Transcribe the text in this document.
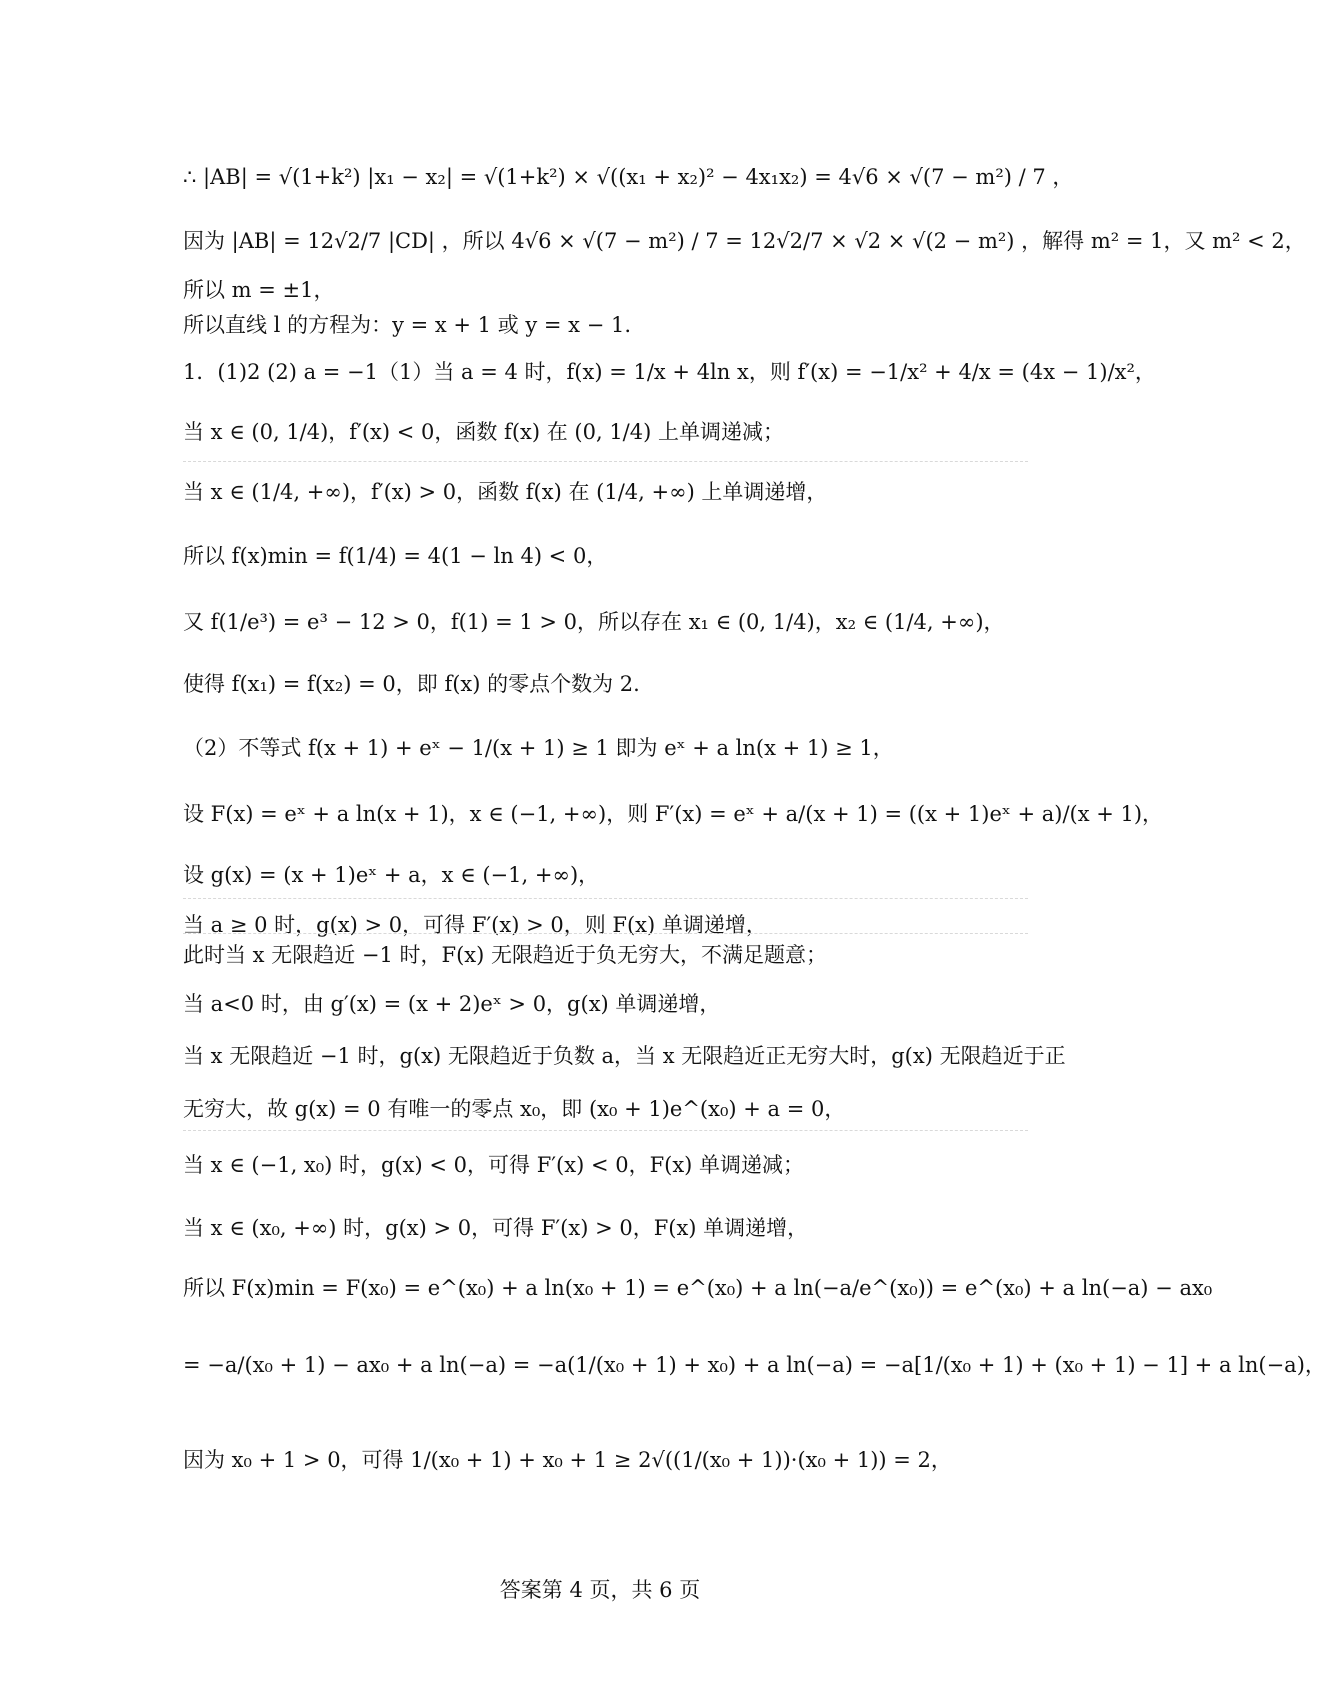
∴ |AB| = √(1+k²) |x₁ − x₂| = √(1+k²) × √((x₁ + x₂)² − 4x₁x₂) = 4√6 × √(7 − m²) / 7 ，
因为 |AB| = 12√2/7 |CD| ，所以 4√6 × √(7 − m²) / 7 = 12√2/7 × √2 × √(2 − m²) ，解得 m² = 1，又 m² < 2，
所以 m = ±1，
所以直线 l 的方程为：y = x + 1 或 y = x − 1.
1．(1)2 (2) a = −1（1）当 a = 4 时，f(x) = 1/x + 4ln x，则 f′(x) = −1/x² + 4/x = (4x − 1)/x²，
当 x ∈ (0, 1/4)，f′(x) < 0，函数 f(x) 在 (0, 1/4) 上单调递减；
当 x ∈ (1/4, +∞)，f′(x) > 0，函数 f(x) 在 (1/4, +∞) 上单调递增，
所以 f(x)min = f(1/4) = 4(1 − ln 4) < 0，
又 f(1/e³) = e³ − 12 > 0，f(1) = 1 > 0，所以存在 x₁ ∈ (0, 1/4)，x₂ ∈ (1/4, +∞)，
使得 f(x₁) = f(x₂) = 0，即 f(x) 的零点个数为 2.
（2）不等式 f(x + 1) + eˣ − 1/(x + 1) ≥ 1 即为 eˣ + a ln(x + 1) ≥ 1，
设 F(x) = eˣ + a ln(x + 1)，x ∈ (−1, +∞)，则 F′(x) = eˣ + a/(x + 1) = ((x + 1)eˣ + a)/(x + 1)，
设 g(x) = (x + 1)eˣ + a，x ∈ (−1, +∞)，
当 a ≥ 0 时，g(x) > 0，可得 F′(x) > 0，则 F(x) 单调递增，
此时当 x 无限趋近 −1 时，F(x) 无限趋近于负无穷大，不满足题意；
当 a<0 时，由 g′(x) = (x + 2)eˣ > 0，g(x) 单调递增，
当 x 无限趋近 −1 时，g(x) 无限趋近于负数 a，当 x 无限趋近正无穷大时，g(x) 无限趋近于正
无穷大，故 g(x) = 0 有唯一的零点 x₀，即 (x₀ + 1)e^(x₀) + a = 0，
当 x ∈ (−1, x₀) 时，g(x) < 0，可得 F′(x) < 0，F(x) 单调递减；
当 x ∈ (x₀, +∞) 时，g(x) > 0，可得 F′(x) > 0，F(x) 单调递增，
所以 F(x)min = F(x₀) = e^(x₀) + a ln(x₀ + 1) = e^(x₀) + a ln(−a/e^(x₀)) = e^(x₀) + a ln(−a) − ax₀
= −a/(x₀ + 1) − ax₀ + a ln(−a) = −a(1/(x₀ + 1) + x₀) + a ln(−a) = −a[1/(x₀ + 1) + (x₀ + 1) − 1] + a ln(−a)，
因为 x₀ + 1 > 0，可得 1/(x₀ + 1) + x₀ + 1 ≥ 2√((1/(x₀ + 1))·(x₀ + 1)) = 2，
答案第 4 页，共 6 页
